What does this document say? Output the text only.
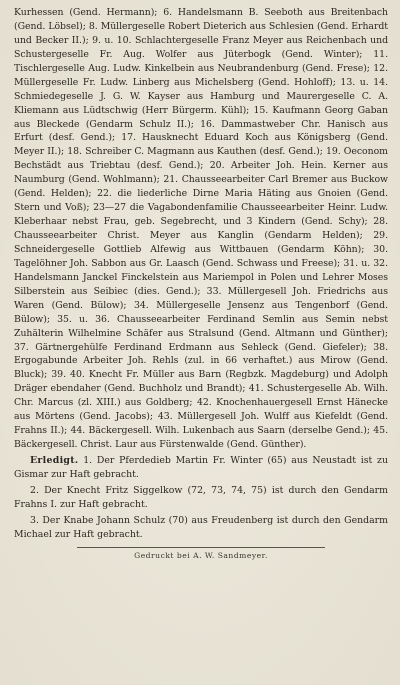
Kurhessen (Gend. Hermann); 6. Handelsmann B. Seeboth aus Breitenbach (Gend. Löbsel); 8. Müllergeselle Robert Dieterich aus Schlesien (Gend. Erhardt und Becker II.); 9. u. 10. Schlachtergeselle Franz Meyer aus Reichenbach und Schustergeselle Fr. Aug. Wolfer aus Jüterbogk (Gend. Winter); 11. Tischlergeselle Aug. Ludw. Kinkelbein aus Neubrandenburg (Gend. Frese); 12. Müllergeselle Fr. Ludw. Linberg aus Michelsberg (Gend. Hohloff); 13. u. 14. Schmiedegeselle J. G. W. Kayser aus Hamburg und Maurergeselle C. A. Kliemann aus Lüdtschwig (Herr Bürgerm. Kühl); 15. Kaufmann Georg Gaban aus Bleckede (Gendarm Schulz II.); 16. Dammastweber Chr. Hanisch aus Erfurt (desf. Gend.); 17. Hausknecht Eduard Koch aus Königsberg (Gend. Meyer II.); 18. Schreiber C. Magmann aus Kauthen (desf. Gend.); 19. Oeconom Bechstädt aus Triebtau (desf. Gend.); 20. Arbeiter Joh. Hein. Kerner aus Naumburg (Gend. Wohlmann); 21. Chausseearbeiter Carl Bremer aus Buckow (Gend. Helden); 22. die liederliche Dirne Maria Häting aus Gnoien (Gend. Stern und Voß); 23—27 die Vagabondenfamilie Chausseearbeiter Heinr. Ludw. Kleberhaar nebst Frau, geb. Segebrecht, und 3 Kindern (Gend. Schy); 28. Chausseearbeiter Christ. Meyer aus Kanglin (Gendarm Helden); 29. Schneidergeselle Gottlieb Alfewig aus Wittbauen (Gendarm Köhn); 30. Tagelöhner Joh. Sabbon aus Gr. Laasch (Gend. Schwass und Freese); 31. u. 32. Handelsmann Janckel Finckelstein aus Mariempol in Polen und Lehrer Moses Silberstein aus Seibiec (dies. Gend.); 33. Müllergesell Joh. Friedrichs aus Waren (Gend. Bülow); 34. Müllergeselle Jensenz aus Tengenborf (Gend. Bülow); 35. u. 36. Chausseearbeiter Ferdinand Semlin aus Semin nebst Zuhälterin Wilhelmine Schäfer aus Stralsund (Gend. Altmann und Günther); 37. Gärtnergehülfe Ferdinand Erdmann aus Sehleck (Gend. Giefeler); 38. Ergogabunde Arbeiter Joh. Rehls (zul. in 66 verhaftet.) aus Mirow (Gend. Bluck); 39. 40. Knecht Fr. Müller aus Barn (Regbzk. Magdeburg) und Adolph Dräger ebendaher (Gend. Buchholz und Brandt); 41. Schustergeselle Ab. Wilh. Chr. Marcus (zl. XIII.) aus Goldberg; 42. Knochenhauergesell Ernst Hänecke aus Mörtens (Gend. Jacobs); 43. Müllergesell Joh. Wulff aus Kiefeldt (Gend. Frahns II.); 44. Bäckergesell. Wilh. Lukenbach aus Saarn (derselbe Gend.); 45. Bäckergesell. Christ. Laur aus Fürstenwalde (Gend. Günther).

Erledigt. 1. Der Pferdedieb Martin Fr. Winter (65) aus Neustadt ist zu Gismar zur Haft gebracht.

2. Der Knecht Fritz Siggelkow (72, 73, 74, 75) ist durch den Gendarm Frahns I. zur Haft gebracht.

3. Der Knabe Johann Schulz (70) aus Freudenberg ist durch den Gendarm Michael zur Haft gebracht.

Gedruckt bei A. W. Sandmeyer.
